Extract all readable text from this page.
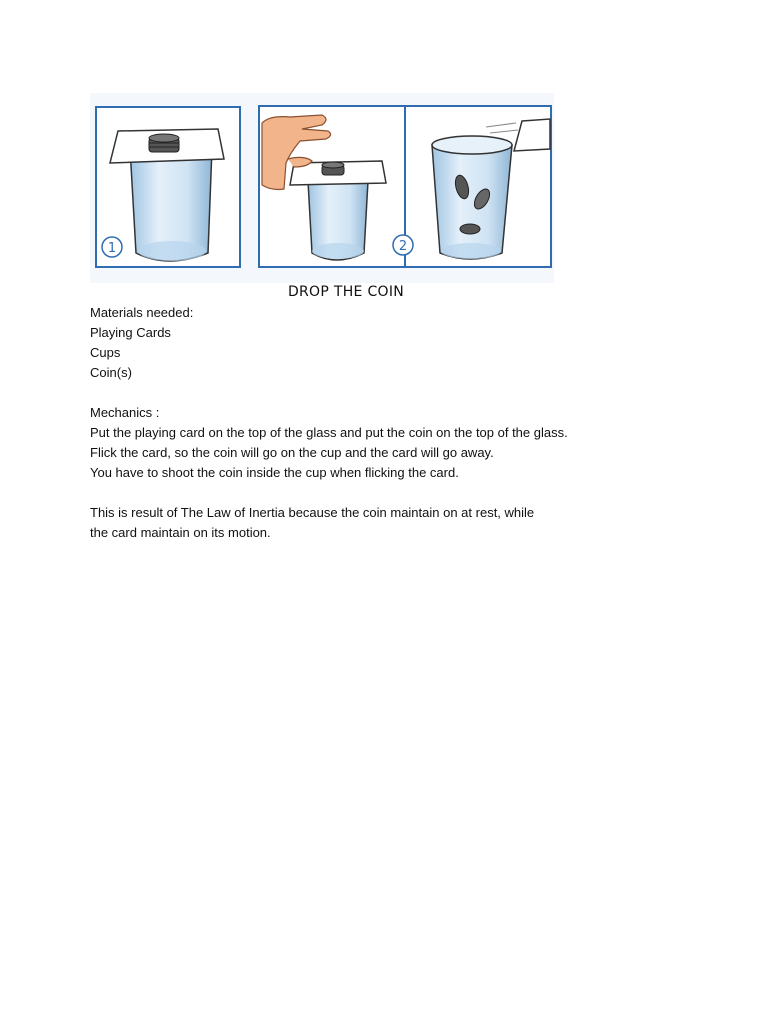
1	2
DROP THE COIN
Materials needed:
Playing Cards
Cups
Coin(s)
Mechanics :
Put the playing card on the top of the glass and put the coin on the top of the glass.
Flick the card, so the coin will go on the cup and the card will go away.
You have to shoot the coin inside the cup when flicking the card.
This is result of The Law of Inertia because the coin maintain on at rest, while
the card maintain on its motion.
